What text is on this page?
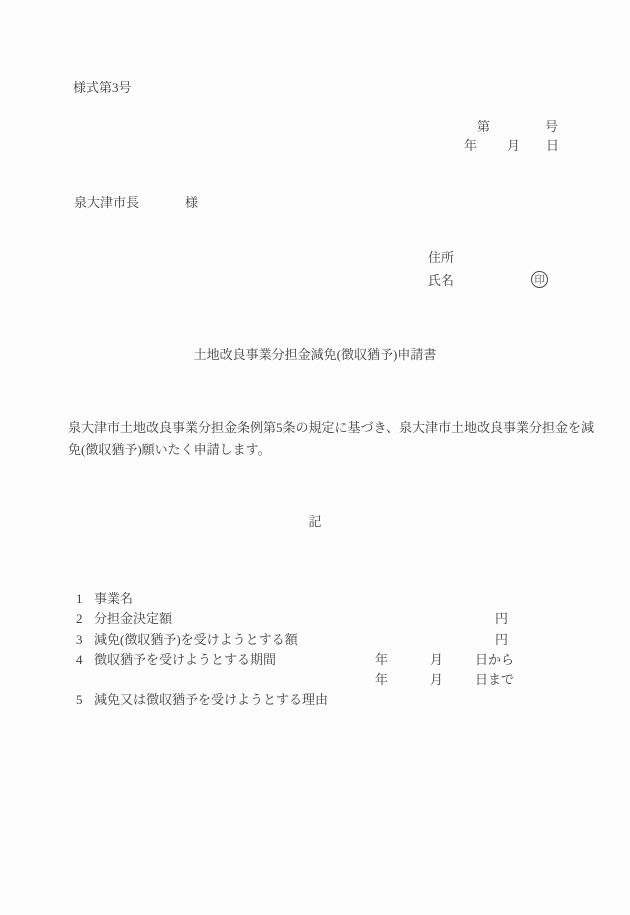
様式第3号
第	号
年 月 日
泉大津市長	様
住所
氏名	印
土地改良事業分担金減免(徴収猶予)申請書
泉大津市土地改良事業分担金条例第5条の規定に基づき、泉大津市土地改良事業分担金を減
免(徴収猶予)願いたく申請します。
記
1 事業名
2 分担金決定額	円
3 減免(徴収猶予)を受けようとする額	円
4 徴収猶予を受けようとする期間	年	月 日から
年	月 日まで
5 減免又は徴収猶予を受けようとする理由
